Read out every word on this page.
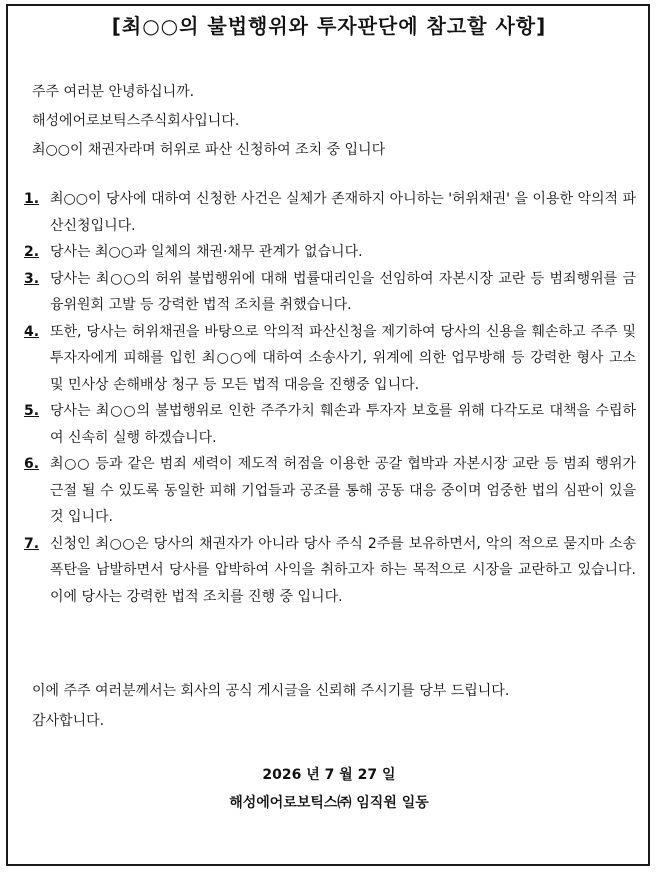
[최○○의 불법행위와 투자판단에 참고할 사항]
주주 여러분 안녕하십니까.
해성에어로보틱스주식회사입니다.
최○○이 채권자라며 허위로 파산 신청하여 조치 중 입니다
1. 최○○이 당사에 대하여 신청한 사건은 실체가 존재하지 아니하는 '허위채권' 을 이용한 악의적 파산신청입니다.
2. 당사는 최○○과 일체의 채권·채무 관계가 없습니다.
3. 당사는 최○○의 허위 불법행위에 대해 법률대리인을 선임하여 자본시장 교란 등 범죄행위를 금융위원회 고발 등 강력한 법적 조치를 취했습니다.
4. 또한, 당사는 허위채권을 바탕으로 악의적 파산신청을 제기하여 당사의 신용을 훼손하고 주주 및 투자자에게 피해를 입힌 최○○에 대하여 소송사기, 위계에 의한 업무방해 등 강력한 형사 고소 및 민사상 손해배상 청구 등 모든 법적 대응을 진행중 입니다.
5. 당사는 최○○의 불법행위로 인한 주주가치 훼손과 투자자 보호를 위해 다각도로 대책을 수립하여 신속히 실행 하겠습니다.
6. 최○○ 등과 같은 범죄 세력이 제도적 허점을 이용한 공갈 협박과 자본시장 교란 등 범죄 행위가 근절 될 수 있도록 동일한 피해 기업들과 공조를 통해 공동 대응 중이며 엄중한 법의 심판이 있을 것 입니다.
7. 신청인 최○○은 당사의 채권자가 아니라 당사 주식 2주를 보유하면서, 악의 적으로 묻지마 소송 폭탄을 남발하면서 당사를 압박하여 사익을 취하고자 하는 목적으로 시장을 교란하고 있습니다. 이에 당사는 강력한 법적 조치를 진행 중 입니다.
이에 주주 여러분께서는 회사의 공식 게시글을 신뢰해 주시기를 당부 드립니다.
감사합니다.
2026 년 7 월 27 일
해성에어로보틱스㈜ 임직원 일동
